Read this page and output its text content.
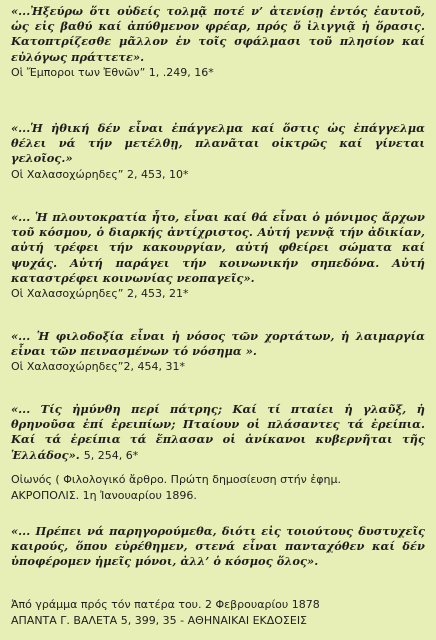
«...Ἠξεύρω ὅτι οὐδείς τολμᾷ ποτέ ν’ ἀτενίσῃ ἐντός ἑαυτοῦ, ὡς εἰς βαθύ καί ἀπύθμενον φρέαρ, πρός ὅ ἰλιγγιᾷ ἡ ὅρασις. Κατοπτρίζεσθε μᾶλλον ἐν τοῖς σφάλμασι τοῦ πλησίον καί εὐλόγως πράττετε».
Οἱ Ἔμποροι των Ἐθνῶν” 1, .249, 16*
«...Ἡ ἠθική δέν εἶναι ἐπάγγελμα καί ὅστις ὡς ἐπάγγελμα θέλει νά τήν μετέλθῃ, πλανᾶται οἰκτρῶς καί γίνεται γελοῖος.»
Οἱ Χαλασοχώρηδες” 2, 453, 10*
«... Ἡ πλουτοκρατία ἦτο, εἶναι καί θά εἶναι ὁ μόνιμος ἄρχων τοῦ κόσμου, ὁ διαρκής ἀντίχριστος. Αὐτή γεννᾷ τήν ἀδικίαν, αὐτή τρέφει τήν κακουργίαν, αὐτή φθείρει σώματα καί ψυχάς. Αὐτή παράγει τήν κοινωνικήν σηπεδόνα. Αὐτή καταστρέφει κοινωνίας νεοπαγεῖς».
Οἱ Χαλασοχώρηδες” 2, 453, 21*
«... Ἡ φιλοδοξία εἶναι ἡ νόσος τῶν χορτάτων, ἡ λαιμαργία εἶναι τῶν πεινασμένων τό νόσημα ».
Οἱ Χαλασοχώρηδες”2, 454, 31*
«... Τίς ἠμύνθη περί πάτρης; Καί τί πταίει ἡ γλαῦξ, ἡ θρηνοῦσα ἐπί ἐρειπίων; Πταίουν οἱ πλάσαντες τά ἐρείπια. Καί τά ἐρείπια τά ἔπλασαν οἱ ἀνίκανοι κυβερνῆται τῆς Ἑλλάδος». 5, 254, 6*
Οἰωνός ( Φιλολογικό ἄρθρο. Πρώτη δημοσίευση στήν ἐφημ.
ΑΚΡΟΠΟΛΙΣ. 1η Ἰανουαρίου 1896.
«... Πρέπει νά παρηγορούμεθα, διότι εἰς τοιούτους δυστυχεῖς καιρούς, ὅπου εὑρέθημεν, στενά εἶναι πανταχόθεν καί δέν ὑποφέρομεν ἡμεῖς μόνοι, ἀλλ’ ὁ κόσμος ὅλος».
Ἀπό γράμμα πρός τόν πατέρα του. 2 Φεβρουαρίου 1878
ΑΠΑΝΤΑ Γ. ΒΑΛΕΤΑ 5, 399, 35 - ΑΘΗΝΑΙΚΑΙ ΕΚΔΟΣΕΙΣ
